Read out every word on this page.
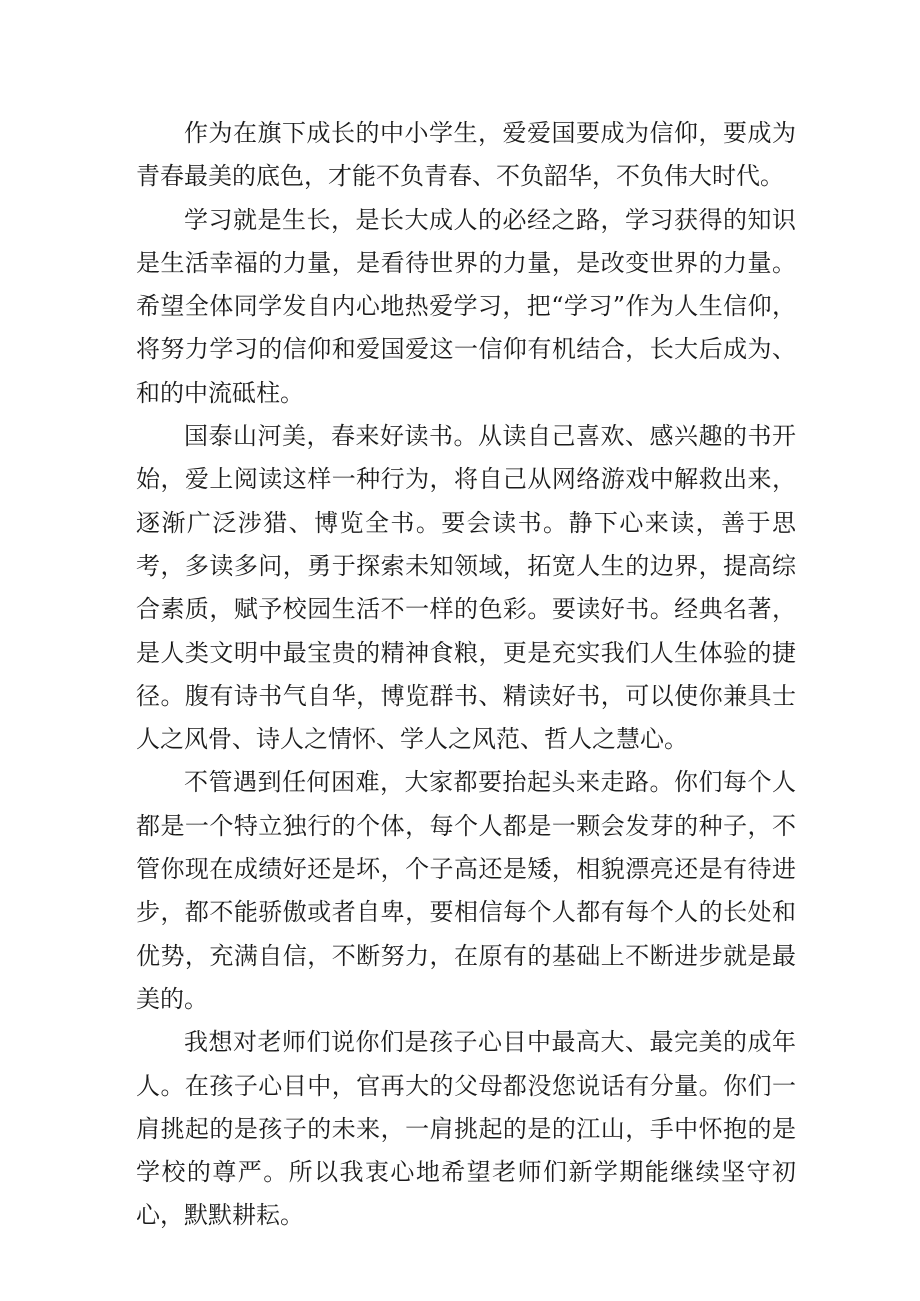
作为在旗下成长的中小学生，爱爱国要成为信仰，要成为青春最美的底色，才能不负青春、不负韶华，不负伟大时代。

学习就是生长，是长大成人的必经之路，学习获得的知识是生活幸福的力量，是看待世界的力量，是改变世界的力量。希望全体同学发自内心地热爱学习，把“学习”作为人生信仰，将努力学习的信仰和爱国爱这一信仰有机结合，长大后成为、和的中流砥柱。

国泰山河美，春来好读书。从读自己喜欢、感兴趣的书开始，爱上阅读这样一种行为，将自己从网络游戏中解救出来，逐渐广泛涉猎、博览全书。要会读书。静下心来读，善于思考，多读多问，勇于探索未知领域，拓宽人生的边界，提高综合素质，赋予校园生活不一样的色彩。要读好书。经典名著，是人类文明中最宝贵的精神食粮，更是充实我们人生体验的捷径。腹有诗书气自华，博览群书、精读好书，可以使你兼具士人之风骨、诗人之情怀、学人之风范、哲人之慧心。

不管遇到任何困难，大家都要抬起头来走路。你们每个人都是一个特立独行的个体，每个人都是一颗会发芽的种子，不管你现在成绩好还是坏，个子高还是矮，相貌漂亮还是有待进步，都不能骄傲或者自卑，要相信每个人都有每个人的长处和优势，充满自信，不断努力，在原有的基础上不断进步就是最美的。

我想对老师们说你们是孩子心目中最高大、最完美的成年人。在孩子心目中，官再大的父母都没您说话有分量。你们一肩挑起的是孩子的未来，一肩挑起的是的江山，手中怀抱的是学校的尊严。所以我衷心地希望老师们新学期能继续坚守初心，默默耕耘。
